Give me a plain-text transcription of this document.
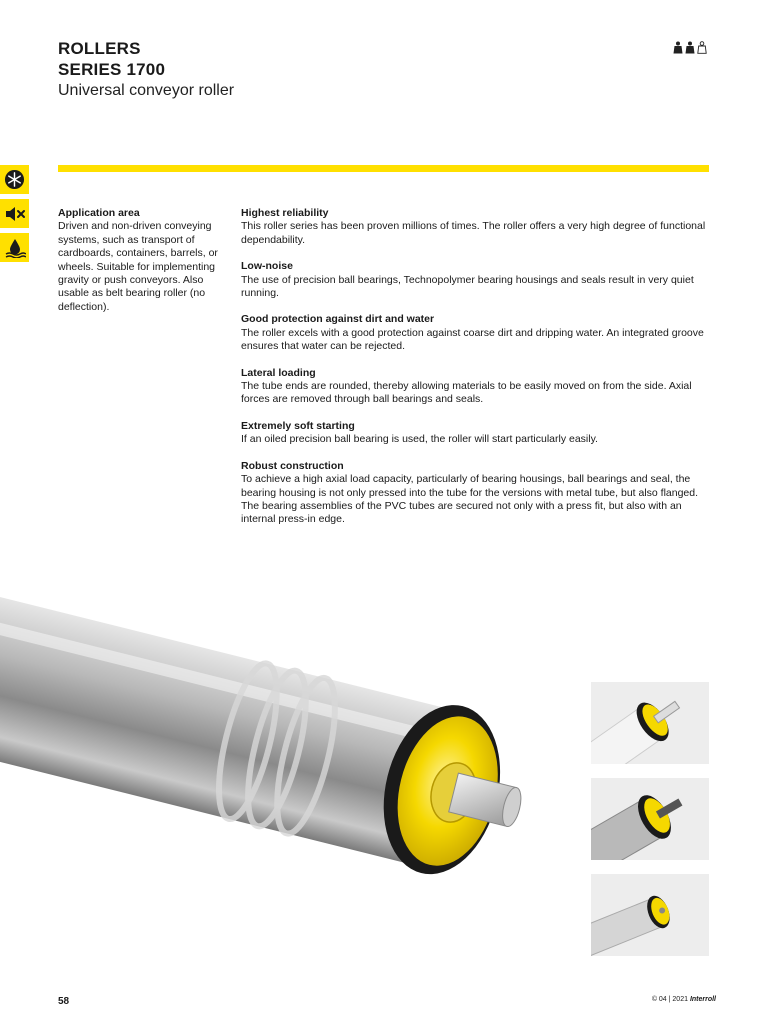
ROLLERS
SERIES 1700
Universal conveyor roller
Application area
Driven and non-driven conveying systems, such as transport of cardboards, containers, barrels, or wheels. Suitable for implementing gravity or push conveyors. Also usable as belt bearing roller (no deflection).
Highest reliability
This roller series has been proven millions of times. The roller offers a very high degree of functional dependability.
Low-noise
The use of precision ball bearings, Technopolymer bearing housings and seals result in very quiet running.
Good protection against dirt and water
The roller excels with a good protection against coarse dirt and dripping water. An integrated groove ensures that water can be rejected.
Lateral loading
The tube ends are rounded, thereby allowing materials to be easily moved on from the side. Axial forces are removed through ball bearings and seals.
Extremely soft starting
If an oiled precision ball bearing is used, the roller will start particularly easily.
Robust construction
To achieve a high axial load capacity, particularly of bearing housings, ball bearings and seal, the bearing housing is not only pressed into the tube for the versions with metal tube, but also flanged. The bearing assemblies of the PVC tubes are secured not only with a press fit, but also with an internal press-in edge.
58	© 04 | 2021 Interroll
